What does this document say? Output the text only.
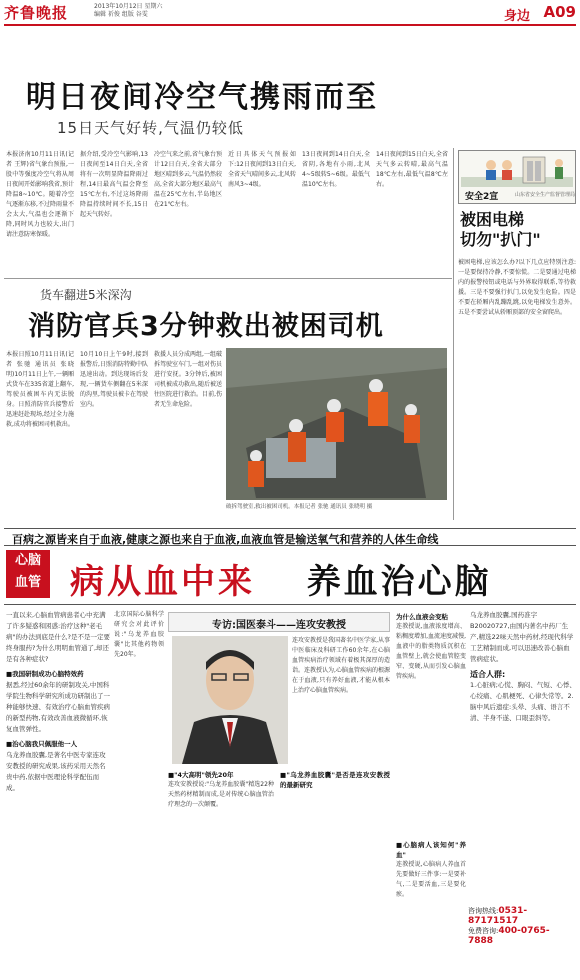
齐鲁晚报	2013年10月12日 星期六
编辑 祈俊 组版 谷雯	身边 A09
明日夜间冷空气携雨而至
15日天气好转,气温仍较低
本报济南10月11日讯(记者 王辉)省气象台预报,一股中等强度冷空气将从周日夜间开始影响我省,预计降温8~10℃。随着冷空气逐渐东移,不过降雨量不会太大,气温也会逐渐下降,同时风力也较大,出门请注意防寒保暖。
据介绍,受冷空气影响,13日夜间至14日白天,全省将有一次明显降温降雨过程,14日最高气温会降至15℃左右,不过这场降雨降温持续时间不长,15日起天气转好。
冷空气来之前,省气象台预计12日白天,全省大部分地区晴到多云,气温仍然较高,全省大部分地区最高气温在25℃左右,半岛地区在21℃左右。
近日具体天气预报如下:12日夜间到13日白天,全省天气晴间多云,北风转南风3~4级。
13日夜间到14日白天,全省阴,各地有小雨,北风4~5级转5~6级。最低气温10℃左右。
14日夜间到15日白天,全省天气多云转晴,最高气温18℃左右,最低气温8℃左右。
安全2宣	山东省安全生产监督管理局
被困电梯
切勿"扒门"
被困电梯,应该怎么办?以下几点应特别注意:一是要保持冷静,不要惊慌。二是要通过电梯内的报警按钮或电话与外界取得联系,等待救援。三是不要强行扒门,以免发生危险。四是不要在轿厢内乱蹦乱跳,以免电梯发生意外。五是不要尝试从轿厢顶部的安全窗爬出。
货车翻进5米深沟
消防官兵3分钟救出被困司机
本报日照10月11日讯(记者 张驰 通讯员 张晓明)10月11日上午,一辆厢式货车在335省道上翻车,驾驶员被困车内无法脱身。日照消防官兵接警后迅速赶赴现场,经过全力施救,成功将被困司机救出。
10月10日上午9时,接到报警后,日照消防特勤中队迅速出动。到达现场后发现,一辆货车侧翻在5米深的沟里,驾驶员被卡在驾驶室内。
救援人员分成两组,一组破拆驾驶室车门,一组对伤员进行安抚。3分钟后,被困司机被成功救出,随后被送往医院进行救治。目前,伤者无生命危险。
破拆驾驶室,救出被困司机。本报记者 张驰 通讯员 张晓明 摄
百病之源皆来自于血液,健康之源也来自于血液,血液血管是输送氧气和营养的人体生命线
心脑
血管 病从血中来 养血治心脑
一直以来,心脑血管病患者心中充满了许多疑惑和困惑:治疗这种"老毛病"的办法到底是什么?是不是一定要终身服药?为什么明明血管通了,却还是有各种症状?
■我国研制成功心脑特效药
据悉,经过60余年的研制攻关,中国科学院生物科学研究所成功研制出了一种能够快速、有效治疗心脑血管疾病的新型药物,有效改善血液微循环,恢复血管弹性。
■治心脑我只佩服他一人
乌龙养血胶囊,是著名中医专家连攻安教授的研究成果,该药采用天然名贵中药,依据中医理论科学配伍而成。
北京国际心脑科学研究会对此评价说:"乌龙养血胶囊"比其他药物领先20年。
专访:国医泰斗——连攻安教授
连攻安教授是我国著名中医学家,从事中医临床及科研工作60余年,在心脑血管疾病治疗领域有着极其深厚的造诣。连教授认为,心脑血管疾病的根源在于血液,只有养好血液,才能从根本上治疗心脑血管疾病。
■"4大高明"领先20年
连攻安教授说:"乌龙养血胶囊"精选22种天然药材精制而成,是对传统心脑血管治疗理念的一次颠覆。
■"乌龙养血胶囊"是否是连攻安教授的最新研究
为什么血液会变粘
连教授说,血液浓度增高、粘稠度增加,血流速度减慢,血液中的脂类物质沉积在血管壁上,就会使血管腔变窄、变硬,从而引发心脑血管疾病。
■心脑病人该知何"养血"
连教授说,心脑病人养血首先要做好三件事:一是要补气,二是要活血,三是要化瘀。
乌龙养血胶囊,国药准字B20020727,由国内著名中药厂生产,精选22味天然中药材,经现代科学工艺精制而成,可以迅速改善心脑血管病症状。
适合人群:
1.心脏病;心慌、胸闷、气短、心悸、心绞痛、心肌梗死、心律失常等。2.脑中风后遗症:头晕、头痛、语言不清、半身不遂、口眼歪斜等。
咨询热线:0531-87171517
免费咨询:400-0765-7888
